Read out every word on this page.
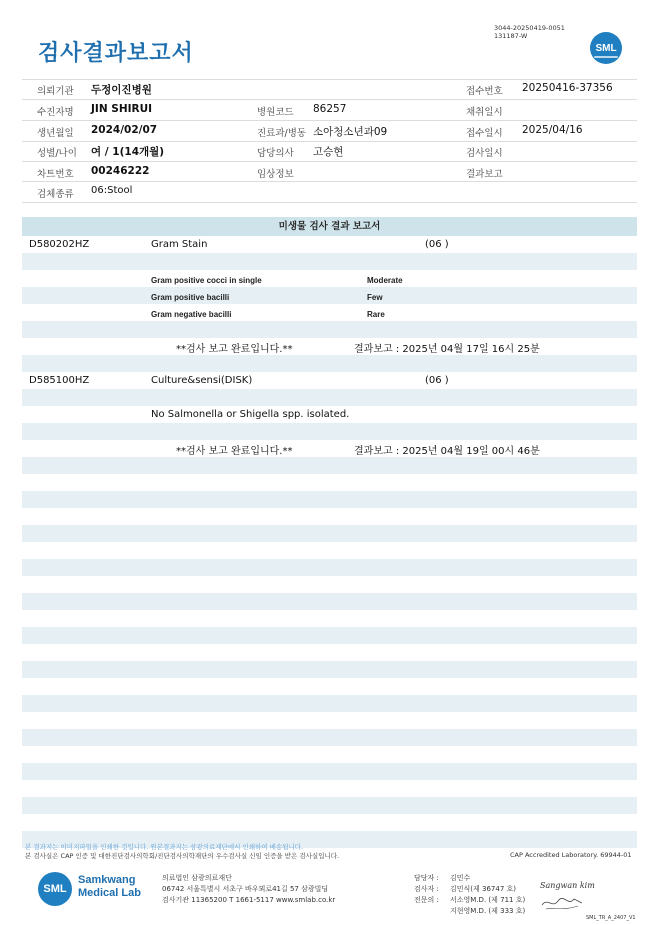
검사결과보고서
3044-20250419-0051
131187-W
SML
의뢰기관 두정이진병원	접수번호 20250416-37356
수진자명 JIN SHIRUI	병원코드 86257	채취일시
생년월일 2024/02/07	진료과/병동 소아청소년과09	접수일시 2025/04/16
성별/나이 여 / 1(14개월)	담당의사 고승현	검사일시
차트번호 00246222	임상정보	결과보고
검체종류 06:Stool
미생물 검사 결과 보고서
D580202HZ	Gram Stain	(06 )
Gram positive cocci in single	Moderate
Gram positive bacilli	Few
Gram negative bacilli	Rare
**검사 보고 완료입니다.**	결과보고 : 2025년 04월 17일 16시 25분
D585100HZ	Culture&sensi(DISK)	(06 )
No Salmonella or Shigella spp. isolated.
**검사 보고 완료입니다.**	결과보고 : 2025년 04월 19일 00시 46분
본 결과지는 이미지파일을 인쇄한 것입니다. 원본결과지는 삼광의료재단에서 인쇄하여 배송됩니다.
본 검사실은 CAP 인증 및 대한진단검사의학회/진단검사의학재단의 우수검사실 신임 인증을 받은 검사실입니다.	CAP Accredited Laboratory. 69944-01
SML
Samkwang
Medical Lab
의료법인 삼광의료재단
06742 서울특별시 서초구 바우뫼로41길 57 삼광빌딩
검사기관 11365200 T 1661-5117 www.smlab.co.kr
담당자 : 김민수
검사자 : 김민식(제 36747 호)	Sangwan kim
전문의 : 서소영M.D. (제 711 호)
지현영M.D. (제 333 호)
SML_TR_A_2407_V1
